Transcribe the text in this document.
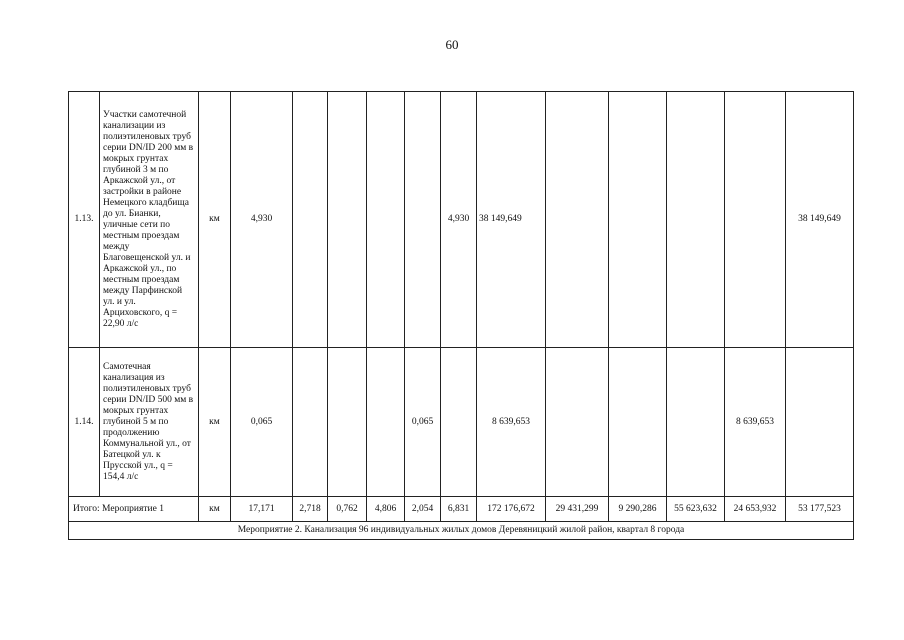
60
1.13.	Участки самотечной канализации из полиэтиленовых труб серии DN/ID 200 мм в мокрых грунтах глубиной 3 м по Аркажской ул., от застройки в районе Немецкого кладбища до ул. Бианки, уличные сети по местным проездам между Благовещенской ул. и Аркажской ул., по местным проездам между Парфинской ул. и ул. Арциховского, q = 22,90 л/с	км	4,930					4,930	38 149,649					38 149,649
1.14.	Самотечная канализация из полиэтиленовых труб серии DN/ID 500 мм в мокрых грунтах глубиной 5 м по продолжению Коммунальной ул., от Батецкой ул. к Прусской ул., q = 154,4 л/с	км	0,065				0,065		8 639,653				8 639,653	
Итого: Мероприятие 1		км	17,171	2,718	0,762	4,806	2,054	6,831	172 176,672	29 431,299	9 290,286	55 623,632	24 653,932	53 177,523
Мероприятие 2. Канализация 96 индивидуальных жилых домов Деревяницкий жилой район, квартал 8 города														
